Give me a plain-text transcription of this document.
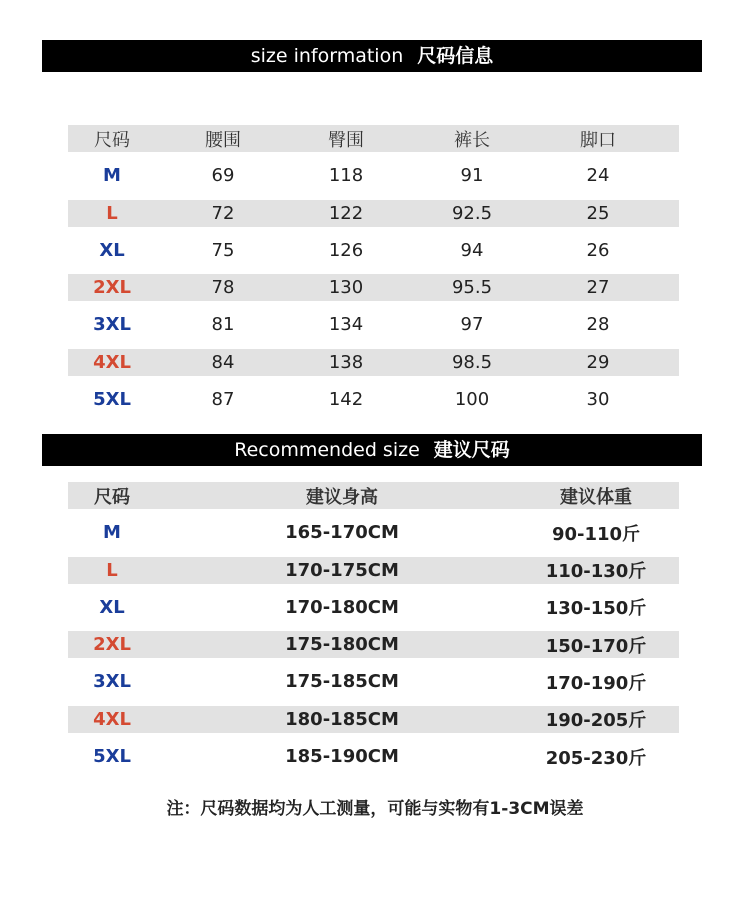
size information 尺码信息
尺码	腰围	臀围	裤长	脚口
M	69	118	91	24
L	72	122	92.5	25
XL	75	126	94	26
2XL	78	130	95.5	27
3XL	81	134	97	28
4XL	84	138	98.5	29
5XL	87	142	100	30
Recommended size 建议尺码
尺码	建议身高	建议体重
M	165-170CM	90-110斤
L	170-175CM	110-130斤
XL	170-180CM	130-150斤
2XL	175-180CM	150-170斤
3XL	175-185CM	170-190斤
4XL	180-185CM	190-205斤
5XL	185-190CM	205-230斤
注：尺码数据均为人工测量，可能与实物有1-3CM误差
